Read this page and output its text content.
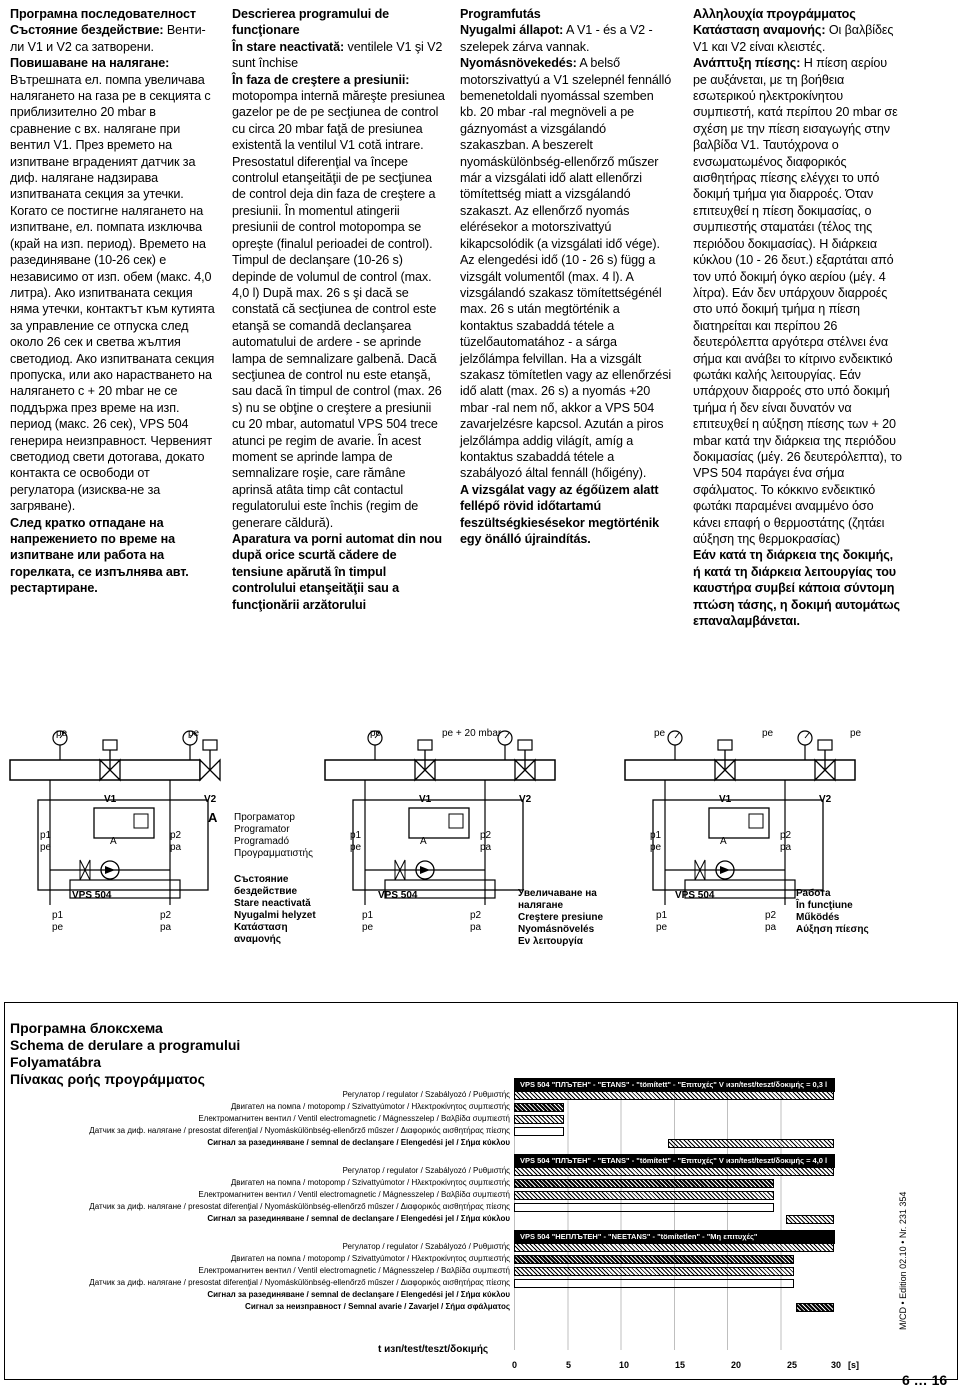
Програмна последователност

Състояние бездействие: Венти-ли V1 и V2 са затворени.

Повишаване на налягане:

Вътрешната ел. помпа увеличава налягането на газа pe в секцията с приблизително 20 mbar в сравнение с вх. налягане при вентил V1. През времето на изпитване вграденият датчик за диф. налягане надзирава изпитваната секция за утечки. Когато се постигне налягането на изпитване, ел. помпата изключва (край на изп. период). Времето на разединяване (10-26 сек) е независимо от изп. обем (макс. 4,0 литра). Ако изпитваната секция няма утечки, контактът към кутията за управление се отпуска след около 26 сек и светва жълтия светодиод. Ако изпитваната секция пропуска, или ако нарастването на налягането с + 20 mbar не се поддържа през време на изп. период (макс. 26 сек), VPS 504 генерира неизправност. Червеният светодиод свети дотогава, докато контакта се освободи от регулатора (изисква-не за загряване).

След кратко отпадане на напрежението по време на изпитване или работа на горелката, се изпълнява авт. рестартиране.

Descrierea programului de funcţionare

În stare neactivată: ventilele V1 şi V2 sunt închise

În faza de creştere a presiunii: motopompa internă măreşte presiunea gazelor pe de pe secţiunea de control cu circa 20 mbar faţă de presiunea existentă la ventilul V1 cotă intrare. Presostatul diferenţial va începe controlul etanşeităţii de pe secţiunea de control deja din faza de creştere a presiunii. În momentul atingerii presiunii de control motopompa se opreşte (finalul perioadei de control). Timpul de declanşare (10-26 s) depinde de volumul de control (max. 4,0 l) După max. 26 s şi dacă se constată că secţiunea de control este etanşă se comandă declanşarea automatului de ardere - se aprinde lampa de semnalizare galbenă. Dacă secţiunea de control nu este etanşă, sau dacă în timpul de control (max. 26 s) nu se obţine o creştere a presiunii cu 20 mbar, automatul VPS 504 trece atunci pe regim de avarie. În acest moment se aprinde lampa de semnalizare roşie, care rămâne aprinsă atâta timp cât contactul regulatorului este închis (regim de generare căldură).

Aparatura va porni automat din nou după orice scurtă cădere de tensiune apărută în timpul controlului etanşeităţii sau a funcţionării arzătorului

Programfutás

Nyugalmi állapot: A V1 - és a V2 - szelepek zárva vannak.

Nyomásnövekedés: A belső motorszivattyú a V1 szelepnél fennálló bemenetoldali nyomással szemben kb. 20 mbar -ral megnöveli a pe gáznyomást a vizsgálandó szakaszban. A beszerelt nyomáskülönbség-ellenőrző műszer már a vizsgálati idő alatt ellenőrzi tömítettség miatt a vizsgálandó szakaszt. Az ellenőrző nyomás elérésekor a motorszivattyú kikapcsolódik (a vizsgálati idő vége). Az elengedési idő (10 - 26 s) függ a vizsgált volumentől (max. 4 l). A vizsgálandó szakasz tömítettségénél max. 26 s után megtörténik a kontaktus szabaddá tétele a tüzelőautomatához - a sárga jelzőlámpa felvillan. Ha a vizsgált szakasz tömítetlen vagy az ellenőrzési idő alatt (max. 26 s) a nyomás +20 mbar -ral nem nő, akkor a VPS 504 zavarjelzésre kapcsol. Azután a piros jelzőlámpa addig világít, amíg a kontaktus szabaddá tétele a szabályozó által fennáll (hőigény).

A vizsgálat vagy az égőüzem alatt fellépő rövid időtartamú feszültségkiesésekor megtörténik egy önálló újraindítás.

Αλληλουχία προγράμματος

Κατάσταση αναμονής: Οι βαλβίδες V1 και V2 είναι κλειστές.

Ανάπτυξη πίεσης: Η πίεση αερίου pe αυξάνεται, με τη βοήθεια εσωτερικού ηλεκτροκίνητου συμπιεστή, κατά περίπου 20 mbar σε σχέση με την πίεση εισαγωγής στην βαλβίδα V1. Ταυτόχρονα ο ενσωματωμένος διαφορικός αισθητήρας πίεσης ελέγχει το υπό δοκιμή τμήμα για διαρροές. Όταν επιτευχθεί η πίεση δοκιμασίας, ο συμπιεστής σταματάει (τέλος της περιόδου δοκιμασίας). Η διάρκεια κύκλου (10 - 26 δευτ.) εξαρτάται από τον υπό δοκιμή όγκο αερίου (μέγ. 4 λίτρα). Εάν δεν υπάρχουν διαρροές στο υπό δοκιμή τμήμα η πίεση διατηρείται και περίπου 26 δευτερόλεπτα αργότερα στέλνει ένα σήμα και ανάβει το κίτρινο ενδεικτικό φωτάκι καλής λειτουργίας. Εάν υπάρχουν διαρροές στο υπό δοκιμή τμήμα ή δεν είναι δυνατόν να επιτευχθεί η αύξηση πίεσης των + 20 mbar κατά την διάρκεια της περιόδου δοκιμασίας (μέγ. 26 δευτερόλεπτα), το VPS 504 παράγει ένα σήμα σφάλματος. Το κόκκινο ενδεικτικό φωτάκι παραμένει αναμμένο όσο κάνει επαφή ο θερμοστάτης (ζητάει αύξηση της θερμοκρασίας)

Εάν κατά τη διάρκεια της δοκιμής, ή κατά τη διάρκεια λειτουργίας του καυστήρα συμβεί κάποια σύντομη πτώση τάσης, η δοκιμή αυτομάτως επαναλαμβάνεται.

pe	pe
V1	V2
p1
pe
p2
pa
A
VPS 504
p1
pe
p2
pa
pe	pe + 20 mbar
V1	V2
p1
pe
p2
pa
A
VPS 504
p1
pe
p2
pa
pe	pe	pe
V1	V2
p1
pe
p2
pa
A
VPS 504
p1
pe
p2
pa
A Програматор
Programator
Programadó
Προγραμματιστής
Състояние
бездействие
Stare neactivată
Nyugalmi helyzet
Κατάσταση
αναμονής
Увеличаване на
налягане
Creştere presiune
Nyomásnövelés
Εν λειτουργία
Работа
În funcţiune
Működés
Αύξηση πίεσης
Програмна блоксхема
Schema de derulare a programului
Folyamatábra
Πίνακας ροής προγράμματος	VPS 504 "ПЛЪТЕН" - "ETANS" - "tömített" - "Επιτυχές" V изп/test/teszt/δοκιμής = 0,3 l
Регулатор / regulator / Szabályozó / Ρυθμιστής
Двигател на помпа / motopomp / Szivattyúmotor / Ηλεκτροκίνητος συμπιεστής
Електромагнитен вентил / Ventil electromagnetic / Mágnesszelep / Βαλβίδα συμπιεστή
Датчик за диф. налягане / presostat diferenţial / Nyomáskülönbség-ellenőrző műszer / Διαφορικός αισθητήρας πίεσης
Сигнал за разединяване / semnal de declanşare / Elengedési jel / Σήμα κύκλου
VPS 504 "ПЛЪТЕН" - "ETANS" - "tömített" - "Επιτυχές" V изп/test/teszt/δοκιμής = 4,0 l
Регулатор / regulator / Szabályozó / Ρυθμιστής
Двигател на помпа / motopomp / Szivattyúmotor / Ηλεκτροκίνητος συμπιεστής
Електромагнитен вентил / Ventil electromagnetic / Mágnesszelep / Βαλβίδα συμπιεστή
Датчик за диф. налягане / presostat diferenţial / Nyomáskülönbség-ellenőrző műszer / Διαφορικός αισθητήρας πίεσης
Сигнал за разединяване / semnal de declanşare / Elengedési jel / Σήμα κύκλου
VPS 504 "НЕПЛЪТЕН" - "NEETANS" - "tömítetlen" - "Μη επιτυχές"
Регулатор / regulator / Szabályozó / Ρυθμιστής
Двигател на помпа / motopomp / Szivattyúmotor / Ηλεκτροκίνητος συμπιεστής
Електромагнитен вентил / Ventil electromagnetic / Mágnesszelep / Βαλβίδα συμπιεστή
Датчик за диф. налягане / presostat diferenţial / Nyomáskülönbség-ellenőrző műszer / Διαφορικός αισθητήρας πίεσης
Сигнал за разединяване / semnal de declanşare / Elengedési jel / Σήμα κύκλου
Сигнал за неизправност / Semnal avarie / Zavarjel / Σήμα σφάλματος
t изп/test/teszt/δοκιμής
0	5	10	15	20	25	30 [s]
M/CD • Edition 02.10 • Nr. 231 354
6 … 16
